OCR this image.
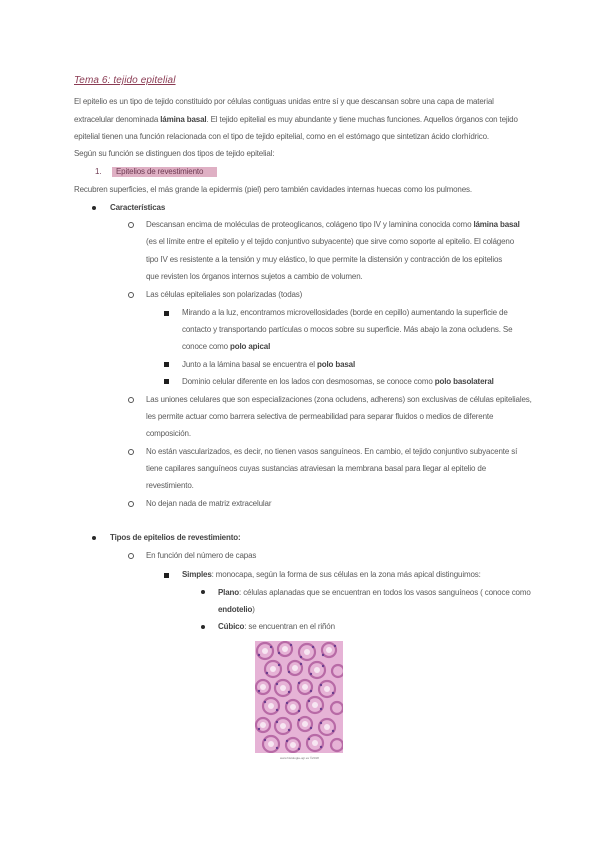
Tema 6: tejido epitelial
El epitelio es un tipo de tejido constituido por células contiguas unidas entre sí y que descansan sobre una capa de material
extracelular denominada lámina basal. El tejido epitelial es muy abundante y tiene muchas funciones. Aquellos órganos con tejido
epitelial tienen una función relacionada con el tipo de tejido epitelial, como en el estómago que sintetizan ácido clorhídrico.
Según su función se distinguen dos tipos de tejido epitelial:
1.	Epitelios de revestimiento
Recubren superficies, el más grande la epidermis (piel) pero también cavidades internas huecas como los pulmones.
Características
Descansan encima de moléculas de proteoglicanos, colágeno tipo IV y laminina conocida como lámina basal
(es el límite entre el epitelio y el tejido conjuntivo subyacente) que sirve como soporte al epitelio. El colágeno
tipo IV es resistente a la tensión y muy elástico, lo que permite la distensión y contracción de los epitelios
que revisten los órganos internos sujetos a cambio de volumen.
Las células epiteliales son polarizadas (todas)
Mirando a la luz, encontramos microvellosidades (borde en cepillo) aumentando la superficie de
contacto y transportando partículas o mocos sobre su superficie. Más abajo la zona ocludens. Se
conoce como polo apical
Junto a la lámina basal se encuentra el polo basal
Dominio celular diferente en los lados con desmosomas, se conoce como polo basolateral
Las uniones celulares que son especializaciones (zona ocludens, adherens) son exclusivas de células epiteliales,
les permite actuar como barrera selectiva de permeabilidad para separar fluidos o medios de diferente
composición.
No están vascularizados, es decir, no tienen vasos sanguíneos. En cambio, el tejido conjuntivo subyacente sí
tiene capilares sanguíneos cuyas sustancias atraviesan la membrana basal para llegar al epitelio de
revestimiento.
No dejan nada de matriz extracelular
Tipos de epitelios de revestimiento:
En función del número de capas
Simples: monocapa, según la forma de sus células en la zona más apical distinguimos:
Plano: células aplanadas que se encuentran en todos los vasos sanguíneos ( conoce como
endotelio)
Cúbico: se encuentran en el riñón
www.histologia-ugr.es ©2018
